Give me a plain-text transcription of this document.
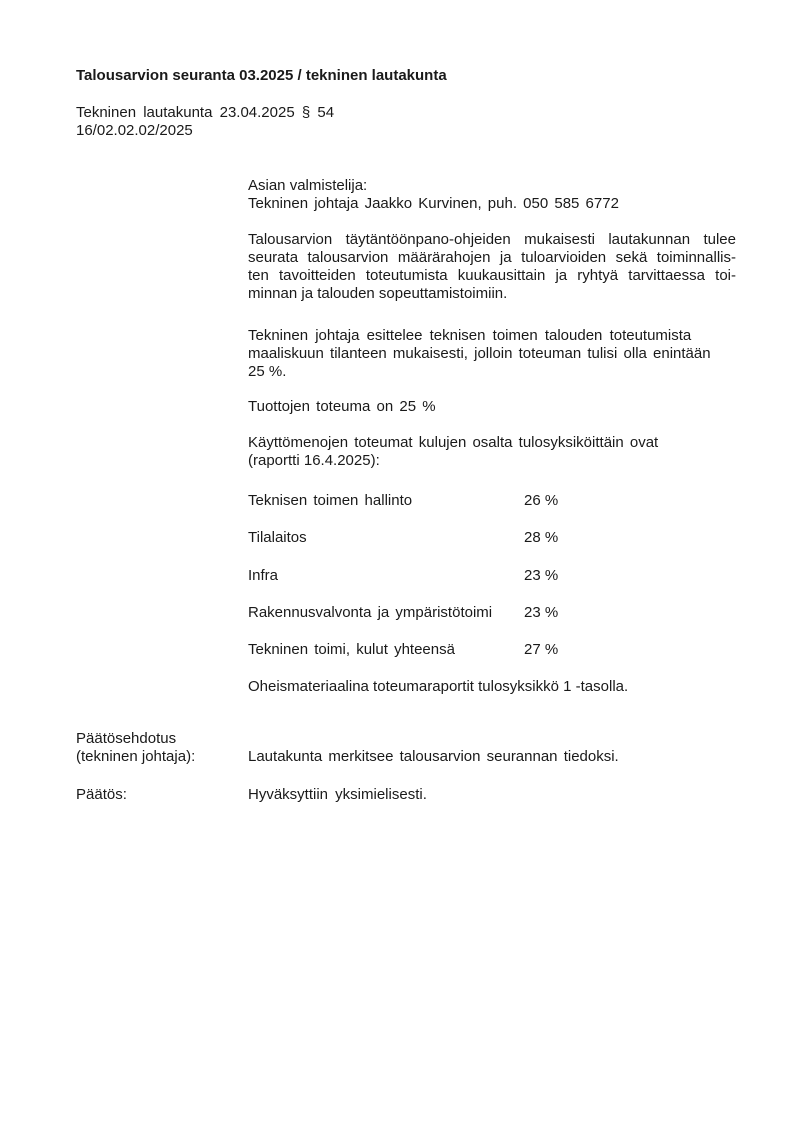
Talousarvion seuranta 03.2025 / tekninen lautakunta
Tekninen lautakunta 23.04.2025 § 54
16/02.02.02/2025
Asian valmistelija:
Tekninen johtaja Jaakko Kurvinen, puh. 050 585 6772
Talousarvion täytäntöönpano-ohjeiden mukaisesti lautakunnan tulee
seurata talousarvion määrärahojen ja tuloarvioiden sekä toiminnallis-
ten tavoitteiden toteutumista kuukausittain ja ryhtyä tarvittaessa toi-
minnan ja talouden sopeuttamistoimiin.
Tekninen johtaja esittelee teknisen toimen talouden toteutumista
maaliskuun tilanteen mukaisesti, jolloin toteuman tulisi olla enintään
25 %.
Tuottojen toteuma on 25 %
Käyttömenojen toteumat kulujen osalta tulosyksiköittäin ovat
(raportti 16.4.2025):
Teknisen toimen hallinto	26 %
Tilalaitos	28 %
Infra	23 %
Rakennusvalvonta ja ympäristötoimi 23 %
Tekninen toimi, kulut yhteensä	27 %
Oheismateriaalina toteumaraportit tulosyksikkö 1 -tasolla.
Päätösehdotus
(tekninen johtaja):	Lautakunta merkitsee talousarvion seurannan tiedoksi.
Päätös:	Hyväksyttiin yksimielisesti.
